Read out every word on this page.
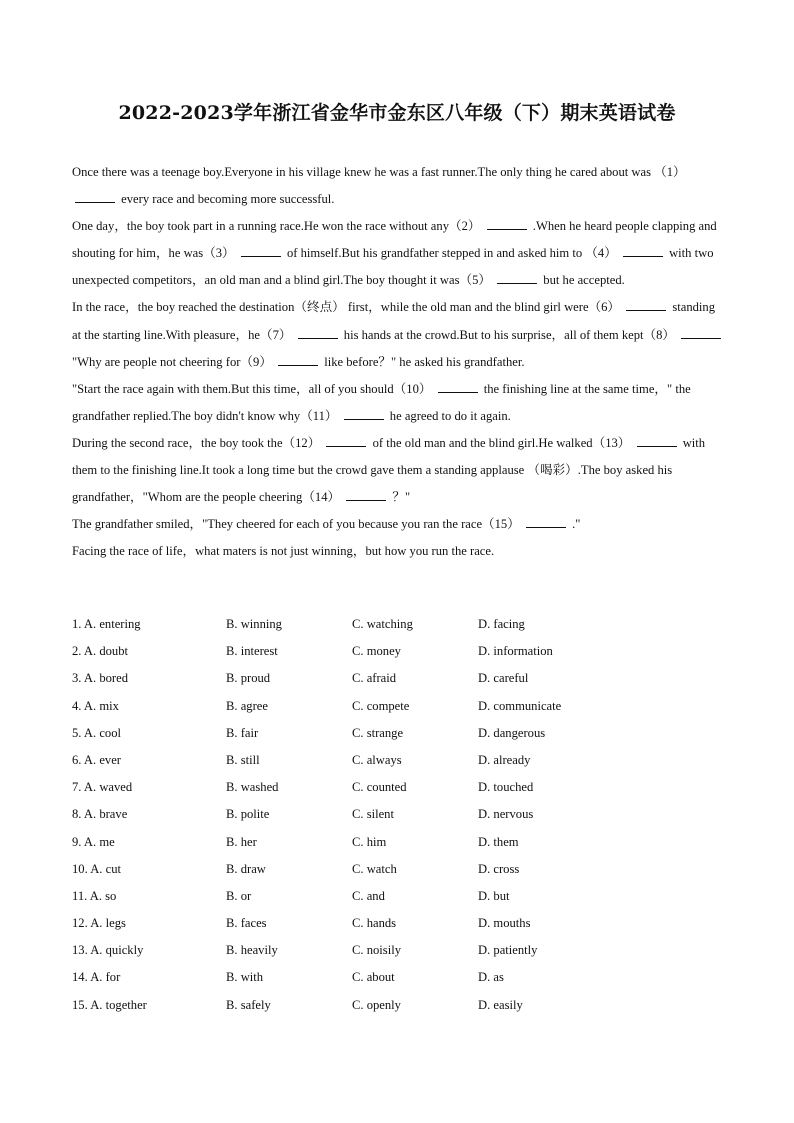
2022-2023学年浙江省金华市金东区八年级（下）期末英语试卷

Once there was a teenage boy.Everyone in his village knew he was a fast runner.The only thing he cared about was （1）  every race and becoming more successful.

One day，the boy took part in a running race.He won the race without any（2）	.When he heard people clapping and shouting for him，he was（3）	of himself.But his grandfather stepped in and asked him to （4）	with two unexpected competitors，an old man and a blind girl.The boy thought it was（5）	but he accepted.

In the race，the boy reached the destination（终点） first，while the old man and the blind girl were（6）	standing at the starting line.With pleasure，he（7）	his hands at the crowd.But to his surprise，all of them kept（8）  "Why are people not cheering for（9）	like before？" he asked his grandfather.

"Start the race again with them.But this time，all of you should（10）	the finishing line at the same time，" the grandfather replied.The boy didn't know why（11）	he agreed to do it again.

During the second race，the boy took the（12）	of the old man and the blind girl.He walked（13）	with them to the finishing line.It took a long time but the crowd gave them a standing applause （喝彩）.The boy asked his grandfather，"Whom are the people cheering（14）	？"

The grandfather smiled，"They cheered for each of you because you ran the race（15）	."

Facing the race of life，what maters is not just winning，but how you run the race.

1. A. entering	B. winning	C. watching	D. facing
2. A. doubt	B. interest	C. money	D. information
3. A. bored	B. proud	C. afraid	D. careful
4. A. mix	B. agree	C. compete	D. communicate
5. A. cool	B. fair	C. strange	D. dangerous
6. A. ever	B. still	C. always	D. already
7. A. waved	B. washed	C. counted	D. touched
8. A. brave	B. polite	C. silent	D. nervous
9. A. me	B. her	C. him	D. them
10. A. cut	B. draw	C. watch	D. cross
11. A. so	B. or	C. and	D. but
12. A. legs	B. faces	C. hands	D. mouths
13. A. quickly	B. heavily	C. noisily	D. patiently
14. A. for	B. with	C. about	D. as
15. A. together	B. safely	C. openly	D. easily
